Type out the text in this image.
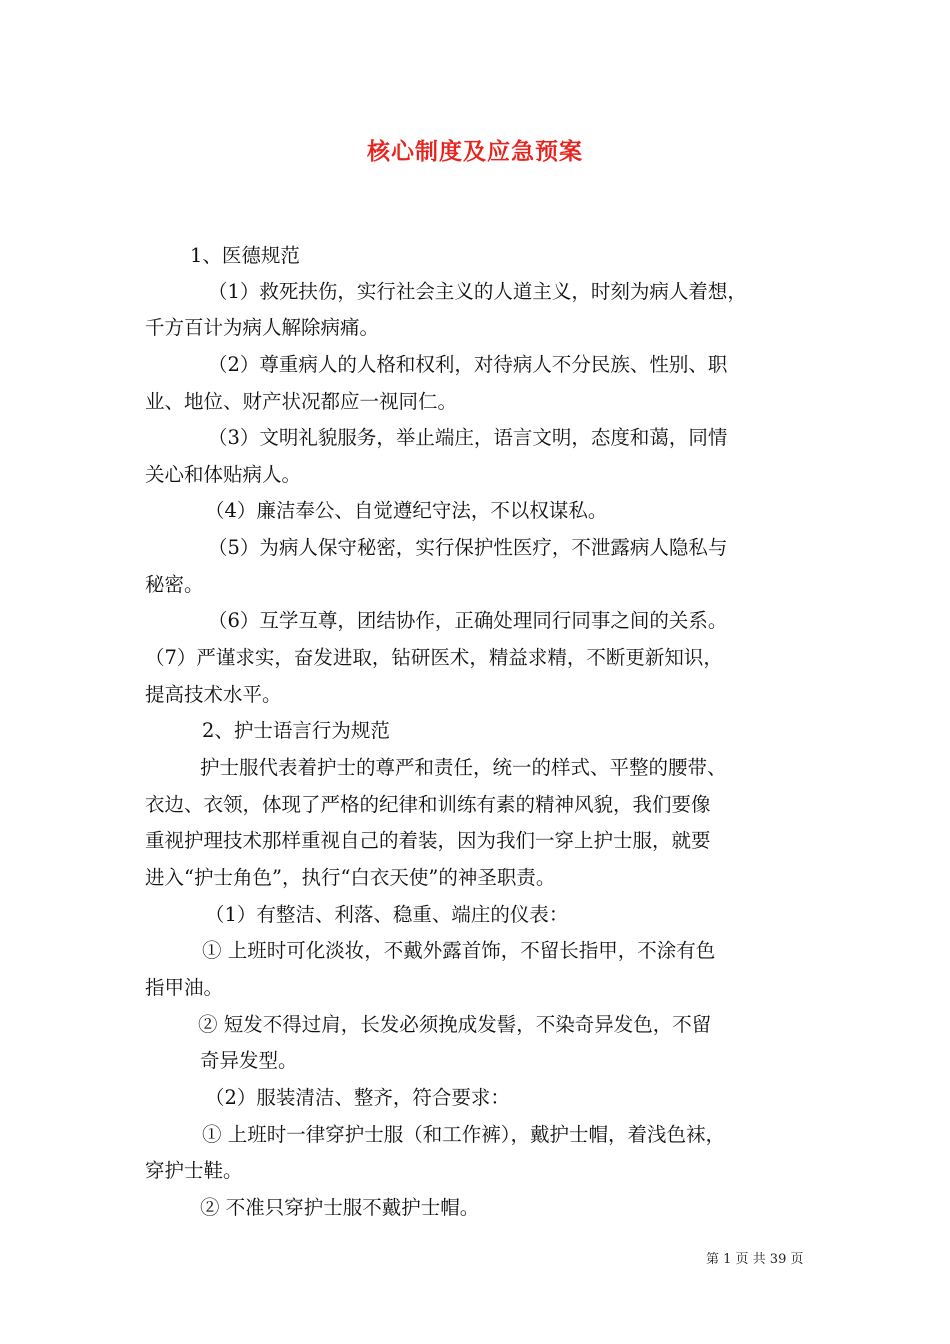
核心制度及应急预案
1、医德规范
（1）救死扶伤，实行社会主义的人道主义，时刻为病人着想，
千方百计为病人解除病痛。
（2）尊重病人的人格和权利，对待病人不分民族、性别、职
业、地位、财产状况都应一视同仁。
（3）文明礼貌服务，举止端庄，语言文明，态度和蔼，同情
关心和体贴病人。
（4）廉洁奉公、自觉遵纪守法，不以权谋私。
（5）为病人保守秘密，实行保护性医疗，不泄露病人隐私与
秘密。
（6）互学互尊，团结协作，正确处理同行同事之间的关系。
（7）严谨求实，奋发进取，钻研医术，精益求精，不断更新知识，
提高技术水平。
2、护士语言行为规范
护士服代表着护士的尊严和责任，统一的样式、平整的腰带、
衣边、衣领，体现了严格的纪律和训练有素的精神风貌，我们要像
重视护理技术那样重视自己的着装，因为我们一穿上护士服，就要
进入“护士角色”，执行“白衣天使”的神圣职责。
（1）有整洁、利落、稳重、端庄的仪表：
① 上班时可化淡妆，不戴外露首饰，不留长指甲，不涂有色
指甲油。
② 短发不得过肩，长发必须挽成发髻，不染奇异发色，不留
奇异发型。
（2）服装清洁、整齐，符合要求：
① 上班时一律穿护士服（和工作裤），戴护士帽，着浅色袜，
穿护士鞋。
② 不准只穿护士服不戴护士帽。
第 1 页 共 39 页
